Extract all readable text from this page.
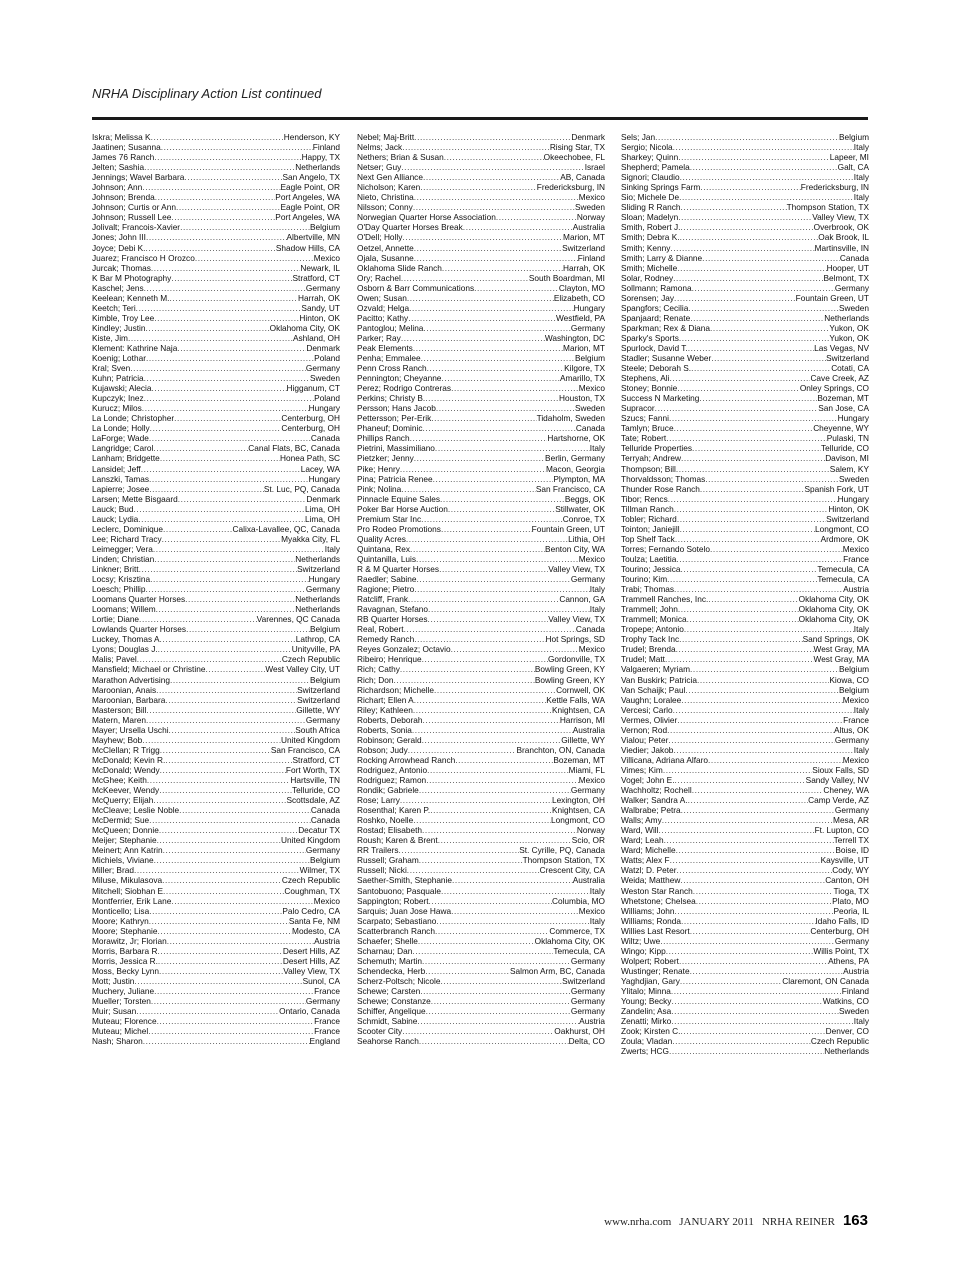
NRHA Disciplinary Action List continued
Iskra; Melissa K .....	Henderson, KY
Jaatinen; Susanna .....	Finland
James 76 Ranch .....	Happy, TX
Jelten; Sashia .....	Netherlands
Jennings; Wavel Barbara .....	San Angelo, TX
Johnson; Ann .....	Eagle Point, OR
Johnson; Brenda .....	Port Angeles, WA
Johnson; Curtis or Ann .....	Eagle Point, OR
Johnson; Russell Lee .....	Port Angeles, WA
Jolivalt; Francois-Xavier .....	Belgium
Jones; John III .....	Albertville, MN
Joyce; Debi K. .....	Shadow Hills, CA
Juarez; Francisco H Orozco .....	Mexico
Jurcak; Thomas .....	Newark, IL
K Bar M Photography .....	Stratford, CT
Kaschel; Jens .....	Germany
Keelean; Kenneth M. .....	Harrah, OK
Keetch; Teri .....	Sandy, UT
Kimble, Troy Lee .....	Hinton, OK
Kindley; Justin .....	Oklahoma City, OK
Kiste, Jim .....	Ashland, OH
Klement: Kathrine Naja .....	Denmark
Koenig; Lothar .....	Poland
Kral; Sven .....	Germany
Kuhn; Patricia .....	Sweden
Kujawski; Alecia .....	Higganum, CT
Kupczyk; Inez .....	Poland
Kurucz; Milos .....	Hungary
La Londe; Christopher .....	Centerburg, OH
La Londe; Holly .....	Centerburg, OH
LaForge; Wade .....	Canada
Langridge; Carol .....	Canal Flats, BC, Canada
Lanham; Bridgette .....	Honea Path, SC
Lansidel; Jeff .....	Lacey, WA
Lanszki, Tamas .....	Hungary
Lapierre; Josee .....	St. Luc, PQ, Canada
Larsen; Mette Bisgaard .....	Denmark
Lauck; Bud .....	Lima, OH
Lauck; Lydia .....	Lima, OH
Leclerc, Dominique .....	Calixa-Lavallee, QC, Canada
Lee; Richard Tracy .....	Myakka City, FL
Leimegger; Vera .....	Italy
Linden; Christian .....	Netherlands
Linkner; Britt .....	Switzerland
Locsy; Krisztina .....	Hungary
Loesch; Phillip .....	Germany
Loomans Quarter Horses .....	Netherlands
Loomans; Willem .....	Netherlands
Lortie; Diane .....	Varennes, QC Canada
Lowlands Quarter Horses .....	Belgium
Luckey, Thomas A .....	Lathrop, CA
Lyons; Douglas J. .....	Unityville, PA
Malis; Pavel .....	Czech Republic
Mansfield; Michael or Christine .....	West Valley City, UT
Marathon Advertising .....	Belgium
Maroonian, Anais .....	Switzerland
Maroonian, Barbara .....	Switzerland
Masterson; Bill .....	Gillette, WY
Matern, Maren .....	Germany
Mayer; Ursella Uschi .....	South Africa
Mayhew; Bob .....	United Kingdom
McClellan; R Trigg .....	San Francisco, CA
McDonald; Kevin R. .....	Stratford, CT
McDonald; Wendy .....	Fort Worth, TX
McGhee; Keith .....	Hartsville, TN
McKeever, Wendy .....	Telluride, CO
McQuerry; Elijah .....	Scottsdale, AZ
McCleave; Leslie Noble .....	Canada
McDermid; Sue .....	Canada
McQueen; Donnie .....	Decatur TX
Meijer; Stephanie .....	United Kingdom
Meinert; Ann Katrin .....	Germany
Michiels, Viviane .....	Belgium
Miller; Brad .....	Wilmer, TX
Miluse, Mikulasova .....	Czech Republic
Mitchell; Siobhan E .....	Coughman, TX
Montferrier, Erik Lane .....	Mexico
Monticello; Lisa .....	Palo Cedro, CA
Moore; Kathryn .....	Santa Fe, NM
Moore; Stephanie .....	Modesto, CA
Morawitz, Jr; Florian .....	Austria
Morris, Barbara R .....	Desert Hills, AZ
Morris, Jessica R. .....	Desert Hills, AZ
Moss, Becky Lynn .....	Valley View, TX
Mott; Justin .....	Sunol, CA
Muchery, Juliane .....	France
Mueller; Torsten .....	Germany
Muir; Susan .....	Ontario, Canada
Muteau; Florence .....	France
Muteau; Michel .....	France
Nash; Sharon .....	England
Nebel; Maj-Britt .....	Denmark
Nelms; Jack .....	Rising Star, TX
Nethers; Brian & Susan .....	Okeechobee, FL
Netser; Guy .....	Israel
Next Gen Alliance .....	AB, Canada
Nicholson; Karen .....	Fredericksburg, IN
Nieto, Christina .....	Mexico
Nilsson; Conny .....	Sweden
Norwegian Quarter Horse Association .....	Norway
O'Day Quarter Horses Break .....	Australia
O'Dell; Holly .....	Marion, MT
Oetzel, Annette .....	Switzerland
Ojala, Susanne .....	Finland
Oklahoma Slide Ranch .....	Harrah, OK
Ory; Rachel .....	South Boardman, MI
Osborn & Barr Communications .....	Clayton, MO
Owen; Susan .....	Elizabeth, CO
Ozvald; Helga .....	Hungary
Pacitto; Kathy .....	Westfield, PA
Pantoglou; Melina .....	Germany
Parker; Ray .....	Washington, DC
Peak Elements .....	Marion, MT
Penha; Emmalee .....	Belgium
Penn Cross Ranch .....	Kilgore, TX
Pennington; Cheyanne .....	Amarillo, TX
Perez; Rodrigo Contreras .....	Mexico
Perkins; Christy B. .....	Houston, TX
Persson; Hans Jacob .....	Sweden
Pettersson; Per-Erik .....	Tidaholm, Sweden
Phaneuf; Dominic .....	Canada
Phillips Ranch .....	Hartshorne, OK
Pietrini, Massimiliano .....	Italy
Pietzker; Jenny .....	Berlin, Germany
Pike; Henry .....	Macon, Georgia
Pina; Patricia Renee .....	Plympton, MA
Pink; Nolina .....	San Francisco, CA
Pinnacle Equine Sales .....	Beggs, OK
Poker Bar Horse Auction .....	Stillwater, OK
Premium Star Inc .....	Conroe, TX
Pro Rodeo Promotions .....	Fountain Green, UT
Quality Acres .....	Lithia, OH
Quintana, Rex .....	Benton City, WA
Quintanilla, Luis .....	Mexico
R & M Quarter Horses .....	Valley View, TX
Raedler; Sabine .....	Germany
Ragione; Pietro .....	Italy
Ratcliff, Frank .....	Cannon, GA
Ravagnan, Stefano .....	Italy
RB Quarter Horses .....	Valley View, TX
Real, Robert .....	Canada
Remedy Ranch .....	Hot Springs, SD
Reyes Gonzalez; Octavio .....	Mexico
Ribeiro; Henrique .....	Gordonville, TX
Rich; Cathy .....	Bowling Green, KY
Rich; Don .....	Bowling Green, KY
Richardson; Michelle .....	Cornwell, OK
Richart; Ellen A .....	Kettle Falls, WA
Riley; Kathleen .....	Knightsen, CA
Roberts, Deborah .....	Harrison, MI
Roberts, Sonia .....	Australia
Robinson; Gerald .....	Gillette, WY
Robson; Judy .....	Branchton, ON, Canada
Rocking Arrowhead Ranch .....	Bozeman, MT
Rodriguez, Antonio .....	Miami, FL
Rodriguez; Ramon .....	Mexico
Rondik; Gabriele .....	Germany
Rose; Larry .....	Lexington, OH
Rosenthal; Karen P. .....	Knightsen, CA
Roshko, Noelle .....	Longmont, CO
Rostad; Elisabeth .....	Norway
Roush; Karen & Brent .....	Scio, OR
RR Trailers .....	St. Cyrille, PQ, Canada
Russell; Graham .....	Thompson Station, TX
Russell; Nicki .....	Crescent City, CA
Saether-Smith, Stephanie .....	Australia
Santobuono; Pasquale .....	Italy
Sappington; Robert .....	Columbia, MO
Sarquis; Juan Jose Hawa .....	Mexico
Scarpato; Sebastiano .....	Italy
Scatterbranch Ranch .....	Commerce, TX
Schaefer; Shelle .....	Oklahoma City, OK
Scharnau; Dan .....	Temecula, CA
Schemuth; Martin .....	Germany
Schendecka, Herb .....	Salmon Arm, BC, Canada
Scherz-Poltsch; Nicole .....	Switzerland
Schewe; Carsten .....	Germany
Schewe; Constanze .....	Germany
Schiffer, Angelique .....	Germany
Schmidt, Sabine .....	Austria
Scooter City .....	Oakhurst, OH
Seahorse Ranch .....	Delta, CO
Sels; Jan .....	Belgium
Sergio; Nicola .....	Italy
Sharkey; Quinn .....	Lapeer, MI
Shepherd; Pamela .....	Galt, CA
Signori; Claudio .....	Italy
Sinking Springs Farm .....	Fredericksburg, IN
Sio; Michele De .....	Italy
Sliding R Ranch .....	Thompson Station, TX
Sloan; Madelyn .....	Valley View, TX
Smith, Robert J. .....	Overbrook, OK
Smith; Debra K. .....	Oak Brook, IL
Smith; Kenny .....	Martinsville, IN
Smith; Larry & Dianne .....	Canada
Smith; Michelle .....	Hooper, UT
Solar, Rodney .....	Belmont, TX
Sollmann; Ramona .....	Germany
Sorensen; Jay .....	Fountain Green, UT
Spangfors; Cecilia .....	Sweden
Spanjaard; Renate .....	Netherlands
Sparkman; Rex & Diana .....	Yukon, OK
Sparky's Sports .....	Yukon, OK
Spurlock, David T. .....	Las Vegas, NV
Stadler; Susanne Weber .....	Switzerland
Steele; Deborah S. .....	Cotati, CA
Stephens, Ali .....	Cave Creek, AZ
Stoney; Bonnie .....	Onley Springs, CO
Success N Marketing .....	Bozeman, MT
Supracor .....	San Jose, CA
Szucs; Fanni .....	Hungary
Tamlyn; Bruce .....	Cheyenne, WY
Tate; Robert .....	Pulaski, TN
Telluride Properties .....	Telluride, CO
Terryah; Andrew .....	Davison, MI
Thompson; Bill .....	Salem, KY
Thorvaldsson; Thomas .....	Sweden
Thunder Rose Ranch .....	Spanish Fork, UT
Tibor; Rencs .....	Hungary
Tillman Ranch .....	Hinton, OK
Tobler; Richard .....	Switzerland
Tointon; Janiejill .....	Longmont, CO
Top Shelf Tack .....	Ardmore, OK
Torres; Fernando Sotelo .....	Mexico
Toulza; Laetitia .....	France
Tourino; Jessica .....	Temecula, CA
Tourino; Kim .....	Temecula, CA
Trabi; Thomas .....	Austria
Trammell Ranches, Inc. .....	Oklahoma City, OK
Trammell; John .....	Oklahoma City, OK
Trammell; Monica .....	Oklahoma City, OK
Tropepe; Antonio .....	Italy
Trophy Tack Inc .....	Sand Springs, OK
Trudel; Brenda .....	West Gray, MA
Trudel; Matt .....	West Gray, MA
Valgaeren; Myriam .....	Belgium
Van Buskirk; Patricia .....	Kiowa, CO
Van Schaijk; Paul .....	Belgium
Vaughn; Loralee .....	Mexico
Vercesi; Carlo .....	Italy
Vermes, Olivier .....	France
Vernon; Rod .....	Altus, OK
Vialou; Peter .....	Germany
Viedier; Jakob .....	Italy
Villicana, Adriana Alfaro .....	Mexico
Vimes; Kim .....	Sioux Falls, SD
Vogel; John E. .....	Sandy Valley, NV
Wachholtz; Rochell .....	Cheney, WA
Walker; Sandra A. .....	Camp Verde, AZ
Walbrabe; Petra .....	Germany
Walls; Amy .....	Mesa, AR
Ward, Will .....	Ft. Lupton, CO
Ward; Leah .....	Terrell TX
Ward; Michelle .....	Boise, ID
Watts; Alex F .....	Kaysville, UT
Watzl; D. Peter .....	Cody, WY
Weida; Matthew .....	Canton, OH
Weston Star Ranch .....	Tioga, TX
Whetstone; Chelsea .....	Plato, MO
Williams; John .....	Peoria, IL
Williams; Ronda .....	Idaho Falls, ID
Willies Last Resort .....	Centerburg, OH
Wiltz; Uwe .....	Germany
Wingo; Kipp .....	Willis Point, TX
Wolpert; Robert .....	Athens, PA
Wustinger; Renate .....	Austria
Yaghdjian, Gary .....	Claremont, ON Canada
Ylitalo; Minna .....	Finland
Young; Becky .....	Watkins, CO
Zandelin; Asa .....	Sweden
Zenatti; Mirko .....	Italy
Zook; Kirsten C. .....	Denver, CO
Zoula; Vladan .....	Czech Republic
Zwerts; HCG .....	Netherlands
www.nrha.com JANUARY 2011 NRHA REINER 163
